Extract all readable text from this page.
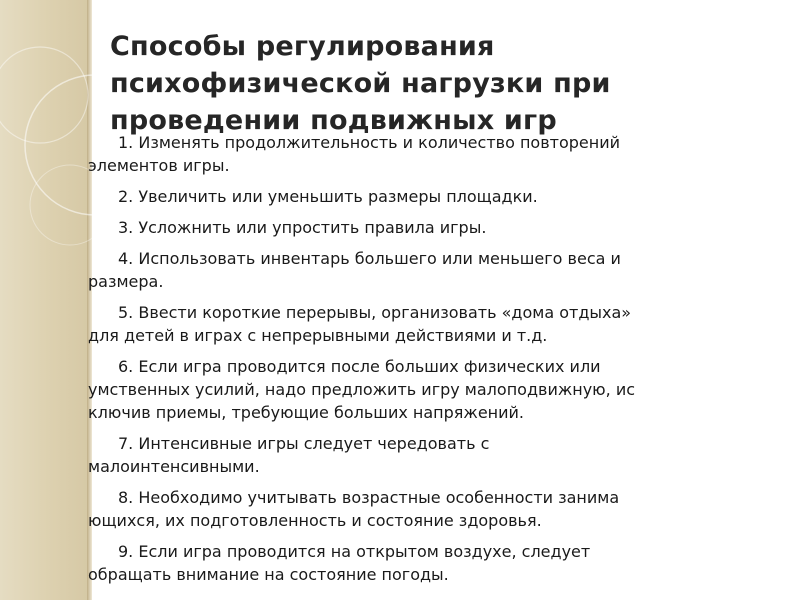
Способы регулирования
психофизической нагрузки при
проведении подвижных игр
1. Изменять продолжительность и количество повторений
элементов игры.
2. Увеличить или уменьшить размеры площадки.
3. Усложнить или упростить правила игры.
4. Использовать инвентарь большего или меньшего веса и
размера.
5. Ввести короткие перерывы, организовать «дома отдыха»
для детей в играх с непрерывными действиями и т.д.
6. Если игра проводится после больших физических или
умственных усилий, надо предложить игру малоподвижную, ис
ключив приемы, требующие больших напряжений.
7. Интенсивные игры следует чередовать с
малоинтенсивными.
8. Необходимо учитывать возрастные особенности занима
ющихся, их подготовленность и состояние здоровья.
9. Если игра проводится на открытом воздухе, следует
обращать внимание на состояние погоды.
